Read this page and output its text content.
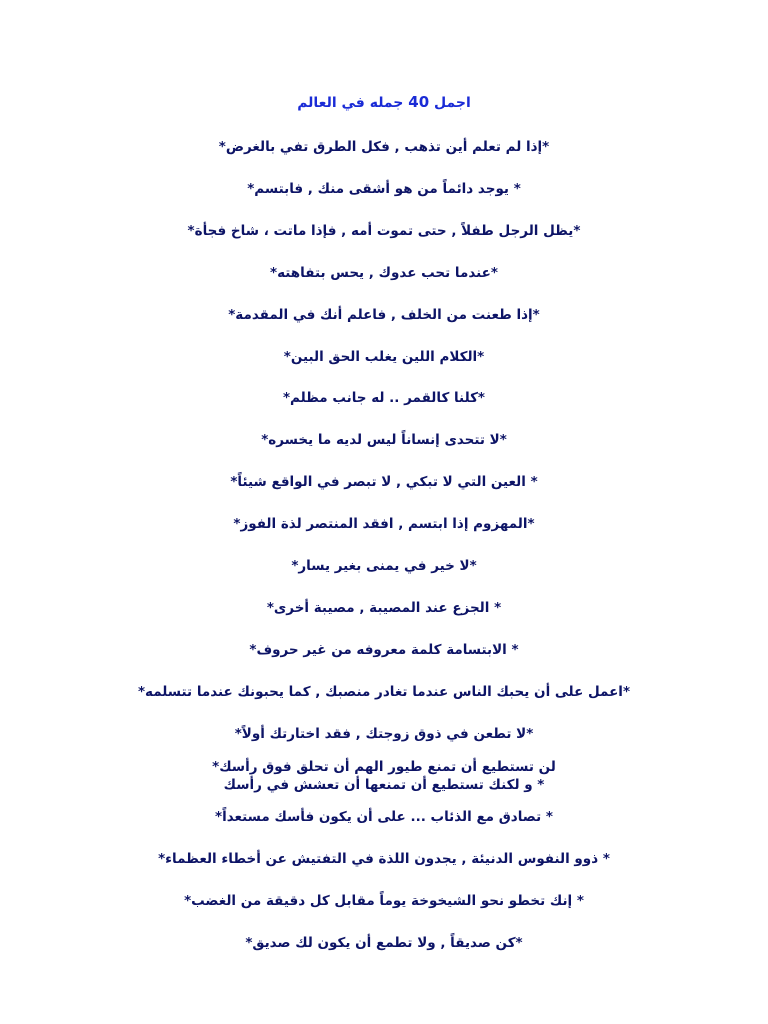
اجمل 40 جمله في العالم
*إذا لم تعلم أين تذهب , فكل الطرق تفي بالغرض*
* يوجد دائماً من هو أشقى منك , فابتسم*
*يظل الرجل طفلاً , حتى تموت أمه , فإذا ماتت ، شاخ فجأة*
*عندما تحب عدوك , يحس بتفاهته*
*إذا طعنت من الخلف , فاعلم أنك في المقدمة*
*الكلام اللين يغلب الحق البين*
*كلنا كالقمر .. له جانب مظلم*
*لا تتحدى إنساناً ليس لديه ما يخسره*
* العين التي لا تبكي , لا تبصر في الواقع شيئاً*
*المهزوم إذا ابتسم , افقد المنتصر لذة الفوز*
*لا خير في يمنى بغير يسار*
* الجزع عند المصيبة , مصيبة أخرى*
* الابتسامة كلمة معروفه من غير حروف*
*اعمل على أن يحبك الناس عندما تغادر منصبك , كما يحبونك عندما تتسلمه*
*لا تطعن في ذوق زوجتك , فقد اختارتك أولاً*
لن تستطيع أن تمنع طيور الهم أن تحلق فوق رأسك*
* و لكنك تستطيع أن تمنعها أن تعشش في رأسك
* تصادق مع الذئاب ... على أن يكون فأسك مستعداً*
* ذوو النفوس الدنيئة , يجدون اللذة في التفتيش عن أخطاء العظماء*
* إنك تخطو نحو الشيخوخة يوماً مقابل كل دقيقة من الغضب*
*كن صديقاً , ولا تطمع أن يكون لك صديق*
